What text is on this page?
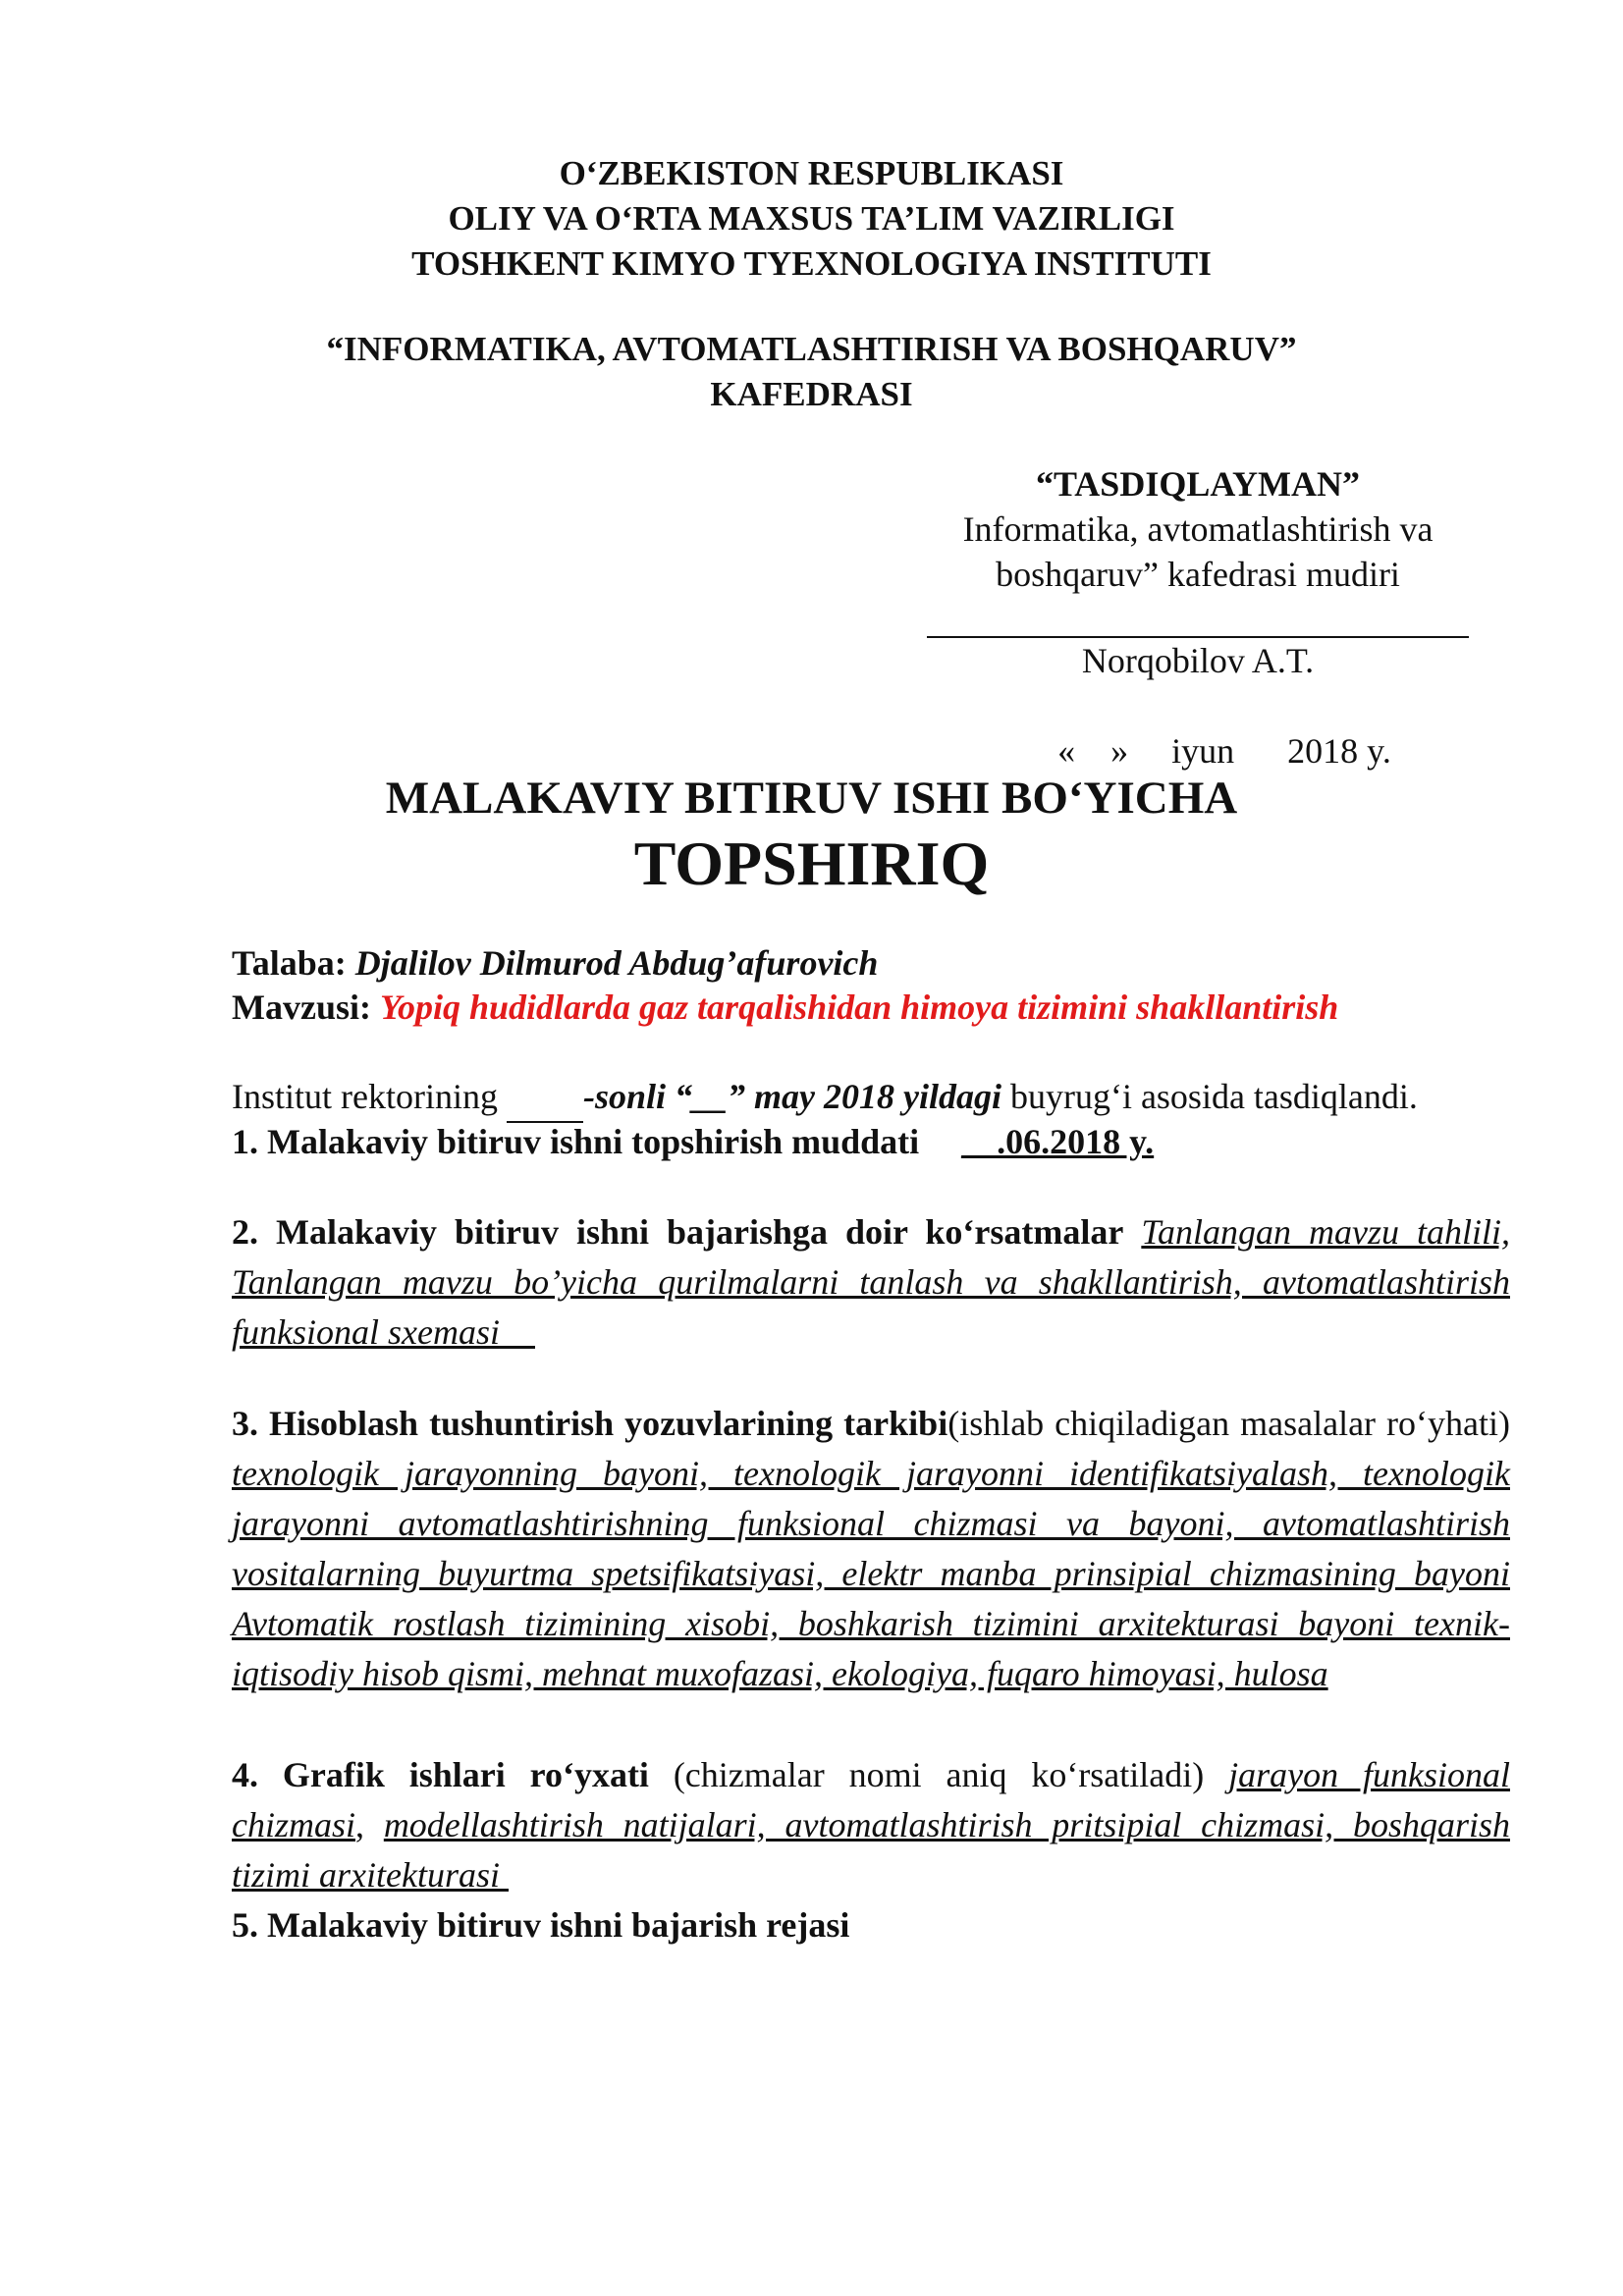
O‘ZBEKISTON RESPUBLIKASI
OLIY VA O‘RTA MAXSUS TA’LIM VAZIRLIGI
TOSHKENT KIMYO TYEXNOLOGIYA INSTITUTI
“INFORMATIKA, AVTOMATLASHTIRISH VA BOSHQARUV”
KAFEDRASI
“TASDIQLAYMAN”
Informatika, avtomatlashtirish va
boshqaruv” kafedrasi mudiri
Norqobilov A.T.

«    » iyun 2018 y.

MALAKAVIY BITIRUV ISHI BO‘YICHA
TOPSHIRIQ
Talaba: Djalilov Dilmurod Abdug’afurovich
Mavzusi: Yopiq hudidlarda gaz tarqalishidan himoya tizimini shakllantirish
Institut rektorining -sonli “__” may 2018 yildagi buyrug‘i asosida tasdiqlandi.
1. Malakaviy bitiruv ishni topshirish muddati __.06.2018 y.
2. Malakaviy bitiruv ishni bajarishga doir ko‘rsatmalar Tanlangan mavzu tahlili, Tanlangan mavzu bo’yicha qurilmalarni tanlash va shakllantirish, avtomatlashtirish funksional sxemasi
3. Hisoblash tushuntirish yozuvlarining tarkibi(ishlab chiqiladigan masalalar ro‘yhati) texnologik jarayonning bayoni, texnologik jarayonni identifikatsiyalash, texnologik jarayonni avtomatlashtirishning funksional chizmasi va bayoni, avtomatlashtirish vositalarning buyurtma spetsifikatsiyasi, elektr manba prinsipial chizmasining bayoni Avtomatik rostlash tizimining xisobi, boshkarish tizimini arxitekturasi bayoni texnik-iqtisodiy hisob qismi, mehnat muxofazasi, ekologiya, fuqaro himoyasi, hulosa
4. Grafik ishlari ro‘yxati (chizmalar nomi aniq ko‘rsatiladi) jarayon funksional chizmasi, modellashtirish natijalari, avtomatlashtirish pritsipial chizmasi, boshqarish tizimi arxitekturasi
5. Malakaviy bitiruv ishni bajarish rejasi
